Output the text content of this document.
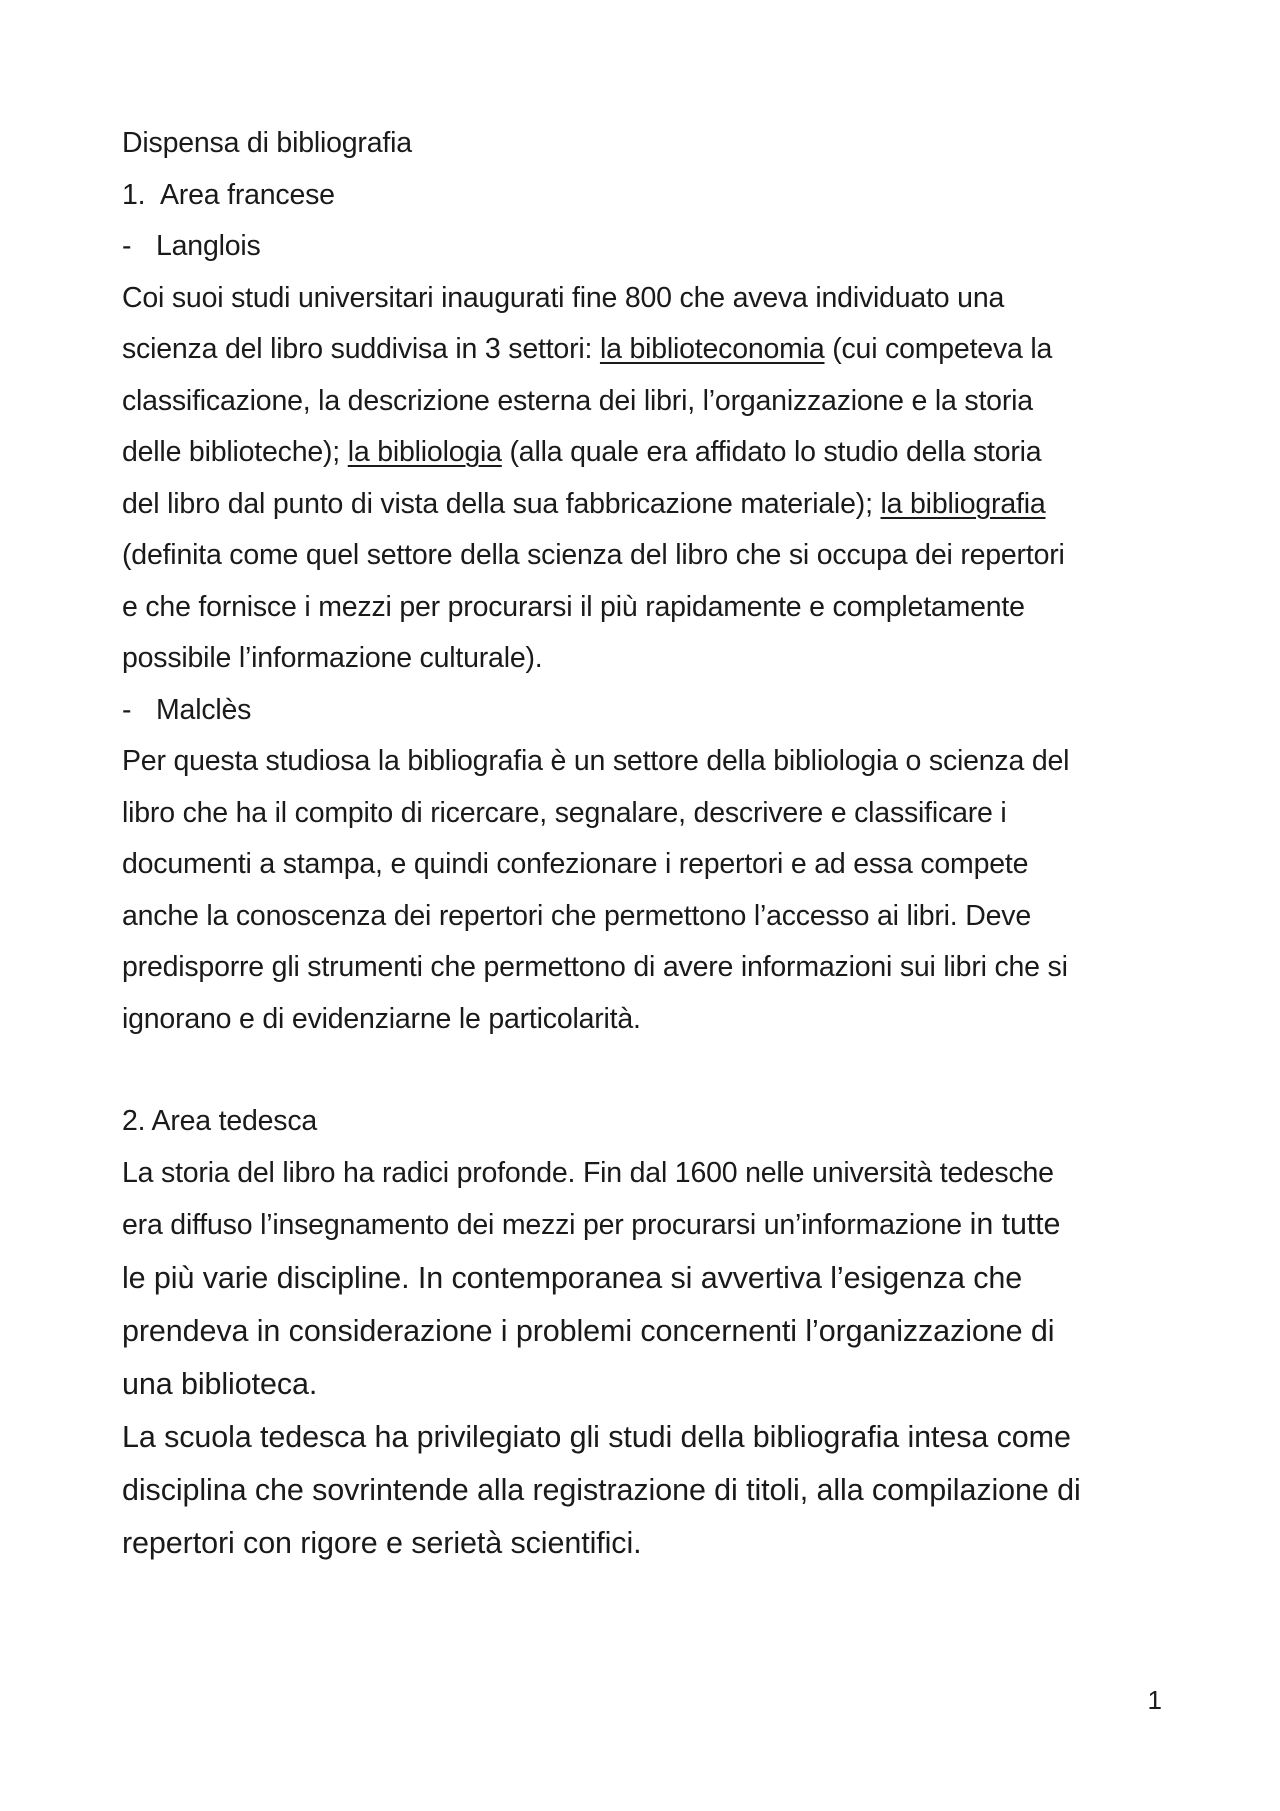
Dispensa di bibliografia
1. Area francese
- Langlois
Coi suoi studi universitari inaugurati fine 800 che aveva individuato una
scienza del libro suddivisa in 3 settori: la biblioteconomia (cui competeva la
classificazione, la descrizione esterna dei libri, l’organizzazione e la storia
delle biblioteche); la bibliologia (alla quale era affidato lo studio della storia
del libro dal punto di vista della sua fabbricazione materiale); la bibliografia
(definita come quel settore della scienza del libro che si occupa dei repertori
e che fornisce i mezzi per procurarsi il più rapidamente e completamente
possibile l’informazione culturale).
- Malclès
Per questa studiosa la bibliografia è un settore della bibliologia o scienza del
libro che ha il compito di ricercare, segnalare, descrivere e classificare i
documenti a stampa, e quindi confezionare i repertori e ad essa compete
anche la conoscenza dei repertori che permettono l’accesso ai libri. Deve
predisporre gli strumenti che permettono di avere informazioni sui libri che si
ignorano e di evidenziarne le particolarità.
2. Area tedesca
La storia del libro ha radici profonde. Fin dal 1600 nelle università tedesche
era diffuso l’insegnamento dei mezzi per procurarsi un’informazione in tutte
le più varie discipline. In contemporanea si avvertiva l’esigenza che
prendeva in considerazione i problemi concernenti l’organizzazione di
una biblioteca.
La scuola tedesca ha privilegiato gli studi della bibliografia intesa come
disciplina che sovrintende alla registrazione di titoli, alla compilazione di
repertori con rigore e serietà scientifici.
1
